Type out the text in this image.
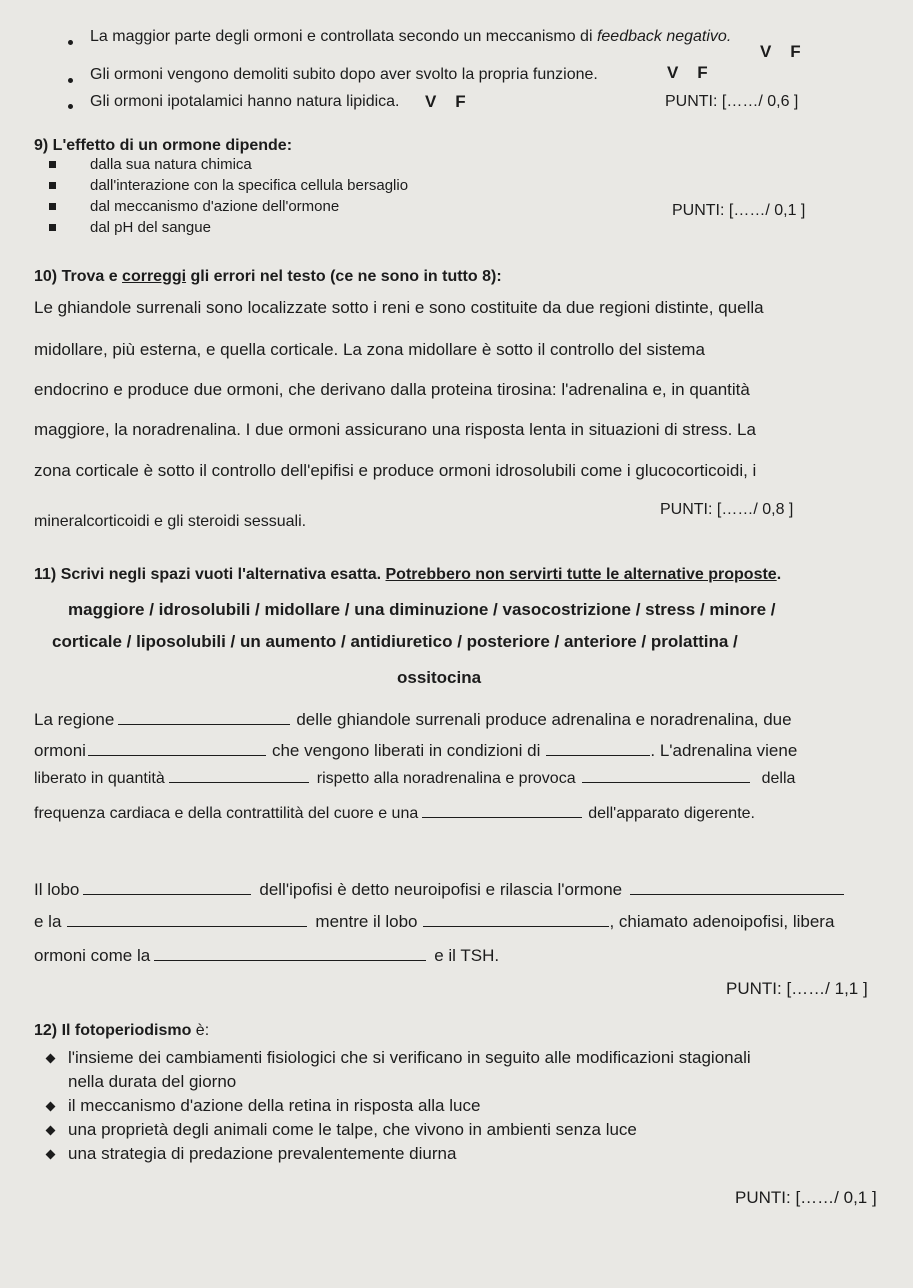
La maggior parte degli ormoni e controllata secondo un meccanismo di feedback negativo.
V    F
Gli ormoni vengono demoliti subito dopo aver svolto la propria funzione.	V    F
Gli ormoni ipotalamici hanno natura lipidica. V    F	PUNTI: [……/ 0,6 ]
9) L'effetto di un ormone dipende:
dalla sua natura chimica
dall'interazione con la specifica cellula bersaglio
dal meccanismo d'azione dell'ormone	PUNTI: [……/ 0,1 ]
dal pH del sangue
10) Trova e correggi gli errori nel testo (ce ne sono in tutto 8):
Le ghiandole surrenali sono localizzate sotto i reni e sono costituite da due regioni distinte, quella
midollare, più esterna, e quella corticale. La zona midollare è sotto il controllo del sistema
endocrino e produce due ormoni, che derivano dalla proteina tirosina: l'adrenalina e, in quantità
maggiore, la noradrenalina. I due ormoni assicurano una risposta lenta in situazioni di stress. La
zona corticale è sotto il controllo dell'epifisi e produce ormoni idrosolubili come i glucocorticoidi, i
mineralcorticoidi e gli steroidi sessuali.
PUNTI: [……/ 0,8 ]
11) Scrivi negli spazi vuoti l'alternativa esatta. Potrebbero non servirti tutte le alternative proposte.
maggiore / idrosolubili / midollare / una diminuzione / vasocostrizione / stress / minore /
corticale / liposolubili / un aumento / antidiuretico / posteriore / anteriore / prolattina /
ossitocina
La regione	delle ghiandole surrenali produce adrenalina e noradrenalina, due
ormoni	che vengono liberati in condizioni di	. L'adrenalina viene
liberato in quantità	rispetto alla noradrenalina e provoca	della
frequenza cardiaca e della contrattilità del cuore e una	dell'apparato digerente.
Il lobo	dell'ipofisi è detto neuroipofisi e rilascia l'ormone
e la	mentre il lobo	, chiamato adenoipofisi, libera
ormoni come la	e il TSH.
PUNTI: [……/ 1,1 ]
12) Il fotoperiodismo è:
l'insieme dei cambiamenti fisiologici che si verificano in seguito alle modificazioni stagionali
nella durata del giorno
il meccanismo d'azione della retina in risposta alla luce
una proprietà degli animali come le talpe, che vivono in ambienti senza luce
una strategia di predazione prevalentemente diurna
PUNTI: [……/ 0,1 ]
